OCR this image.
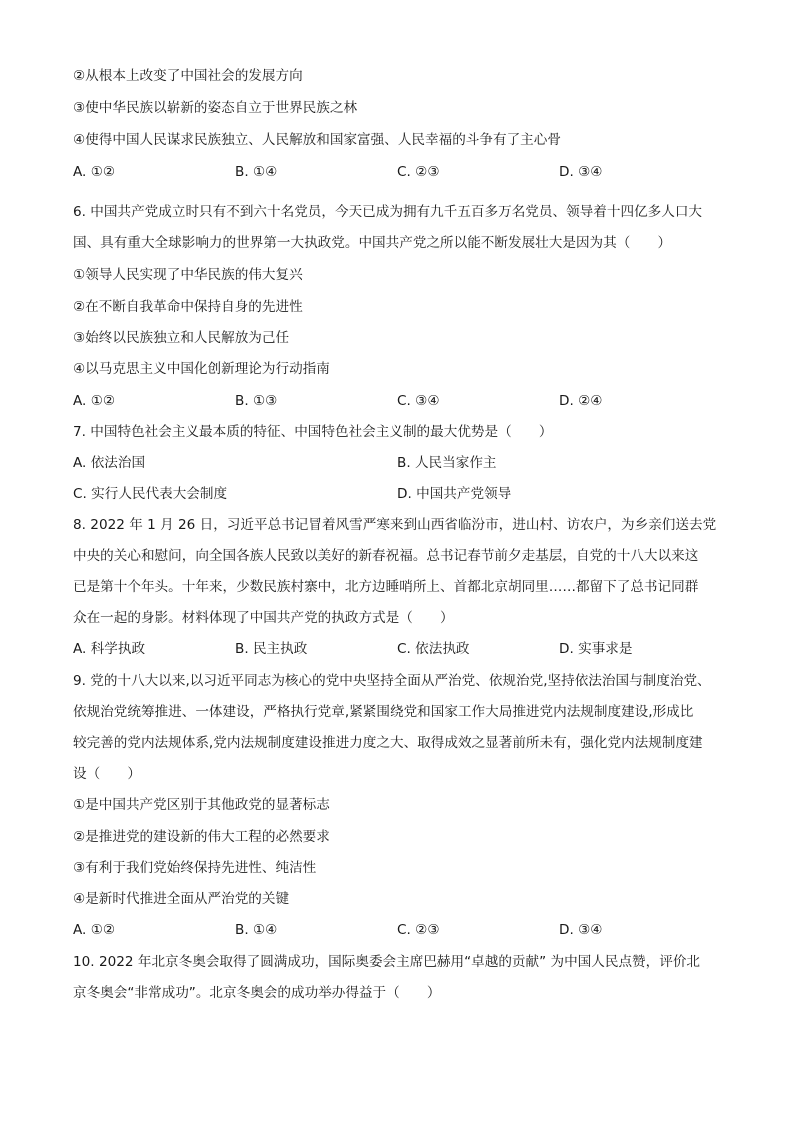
②从根本上改变了中国社会的发展方向
③使中华民族以崭新的姿态自立于世界民族之林
④使得中国人民谋求民族独立、人民解放和国家富强、人民幸福的斗争有了主心骨
A. ①②	B. ①④	C. ②③	D. ③④
6. 中国共产党成立时只有不到六十名党员，今天已成为拥有九千五百多万名党员、领导着十四亿多人口大
国、具有重大全球影响力的世界第一大执政党。中国共产党之所以能不断发展壮大是因为其（　　）
①领导人民实现了中华民族的伟大复兴
②在不断自我革命中保持自身的先进性
③始终以民族独立和人民解放为己任
④以马克思主义中国化创新理论为行动指南
A. ①②	B. ①③	C. ③④	D. ②④
7. 中国特色社会主义最本质的特征、中国特色社会主义制的最大优势是（　　）
A. 依法治国	B. 人民当家作主
C. 实行人民代表大会制度	D. 中国共产党领导
8. 2022 年 1 月 26 日，习近平总书记冒着风雪严寒来到山西省临汾市，进山村、访农户，为乡亲们送去党
中央的关心和慰问，向全国各族人民致以美好的新春祝福。总书记春节前夕走基层，自党的十八大以来这
已是第十个年头。十年来，少数民族村寨中，北方边睡哨所上、首都北京胡同里……都留下了总书记同群
众在一起的身影。材料体现了中国共产党的执政方式是（　　）
A. 科学执政	B. 民主执政	C. 依法执政	D. 实事求是
9. 党的十八大以来,以习近平同志为核心的党中央坚持全面从严治党、依规治党,坚持依法治国与制度治党、
依规治党统筹推进、一体建设，严格执行党章,紧紧围绕党和国家工作大局推进党内法规制度建设,形成比
较完善的党内法规体系,党内法规制度建设推进力度之大、取得成效之显著前所未有，强化党内法规制度建
设（　　）
①是中国共产党区别于其他政党的显著标志
②是推进党的建设新的伟大工程的必然要求
③有利于我们党始终保持先进性、纯洁性
④是新时代推进全面从严治党的关键
A. ①②	B. ①④	C. ②③	D. ③④
10. 2022 年北京冬奥会取得了圆满成功，国际奥委会主席巴赫用“卓越的贡献” 为中国人民点赞，评价北
京冬奥会“非常成功”。北京冬奥会的成功举办得益于（　　）
